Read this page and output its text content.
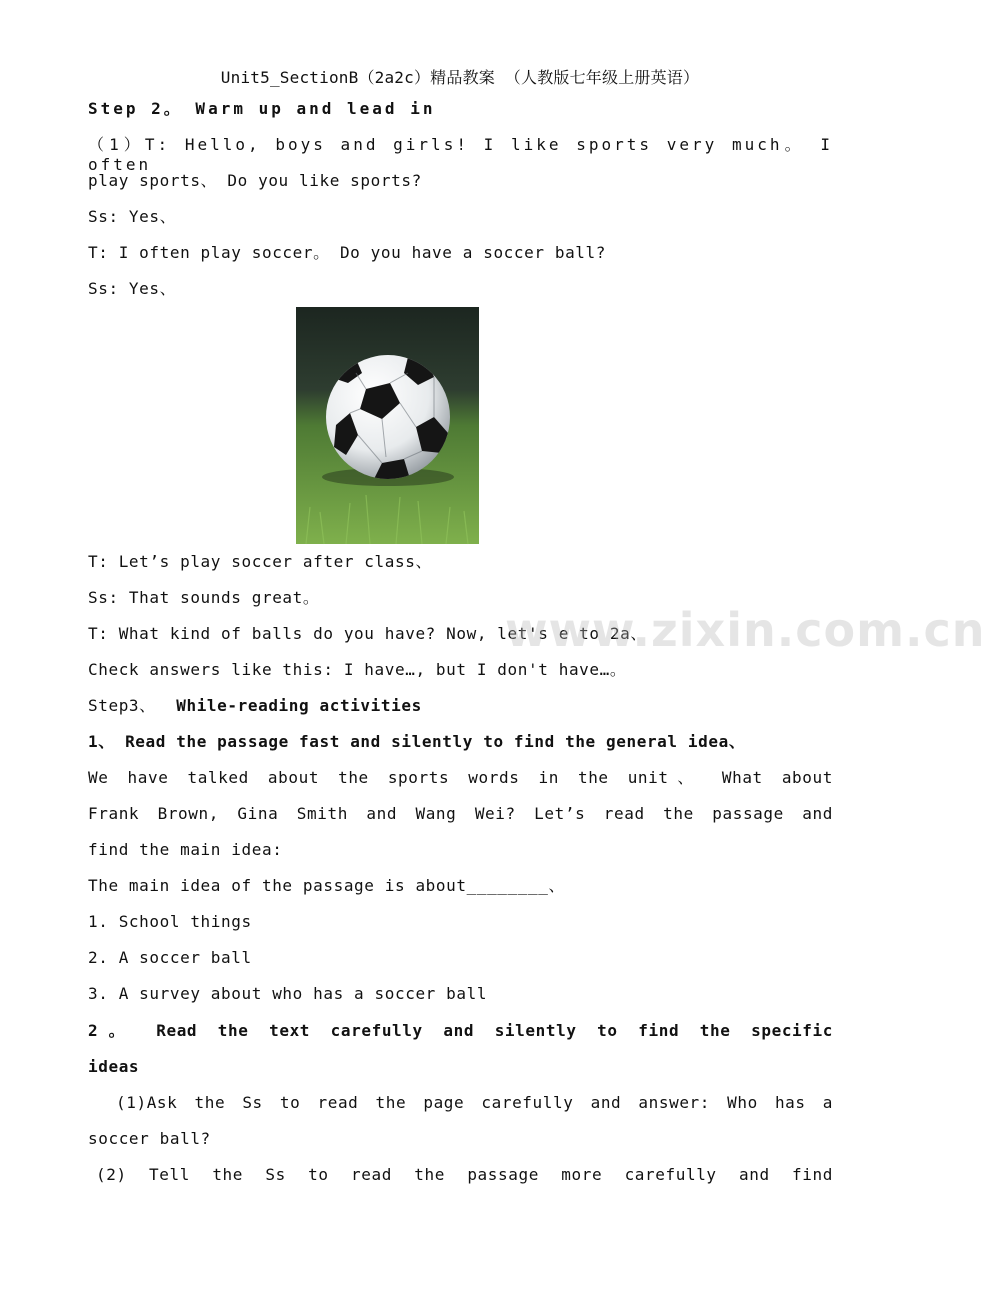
Unit5_SectionB（2a2c）精品教案 （人教版七年级上册英语）
Step 2。 Warm up and lead in
（1）T: Hello, boys and girls! I like sports very much。 I often
play sports、 Do you like sports?
Ss: Yes、
T: I often play soccer。 Do you have a soccer ball?
Ss: Yes、
T: Let’s play soccer after class、
Ss: That sounds great。
T: What kind of balls do you have? Now, let's e to 2a、
Check answers like this: I have…, but I don't have…。
Step3、 While-reading activities
1、 Read the passage fast and silently to find the general idea、
We have talked about the sports words in the unit、 What about
Frank Brown, Gina Smith and Wang Wei? Let’s read the passage and
find the main idea:
The main idea of the passage is about________、
1. School things
2. A soccer ball
3. A survey about who has a soccer ball
2。 Read the text carefully and silently to find the specific
ideas
(1)Ask the Ss to read the page carefully and answer: Who has a
soccer ball?
(2) Tell the Ss to read the passage more carefully and find
www.zixin.com.cn
